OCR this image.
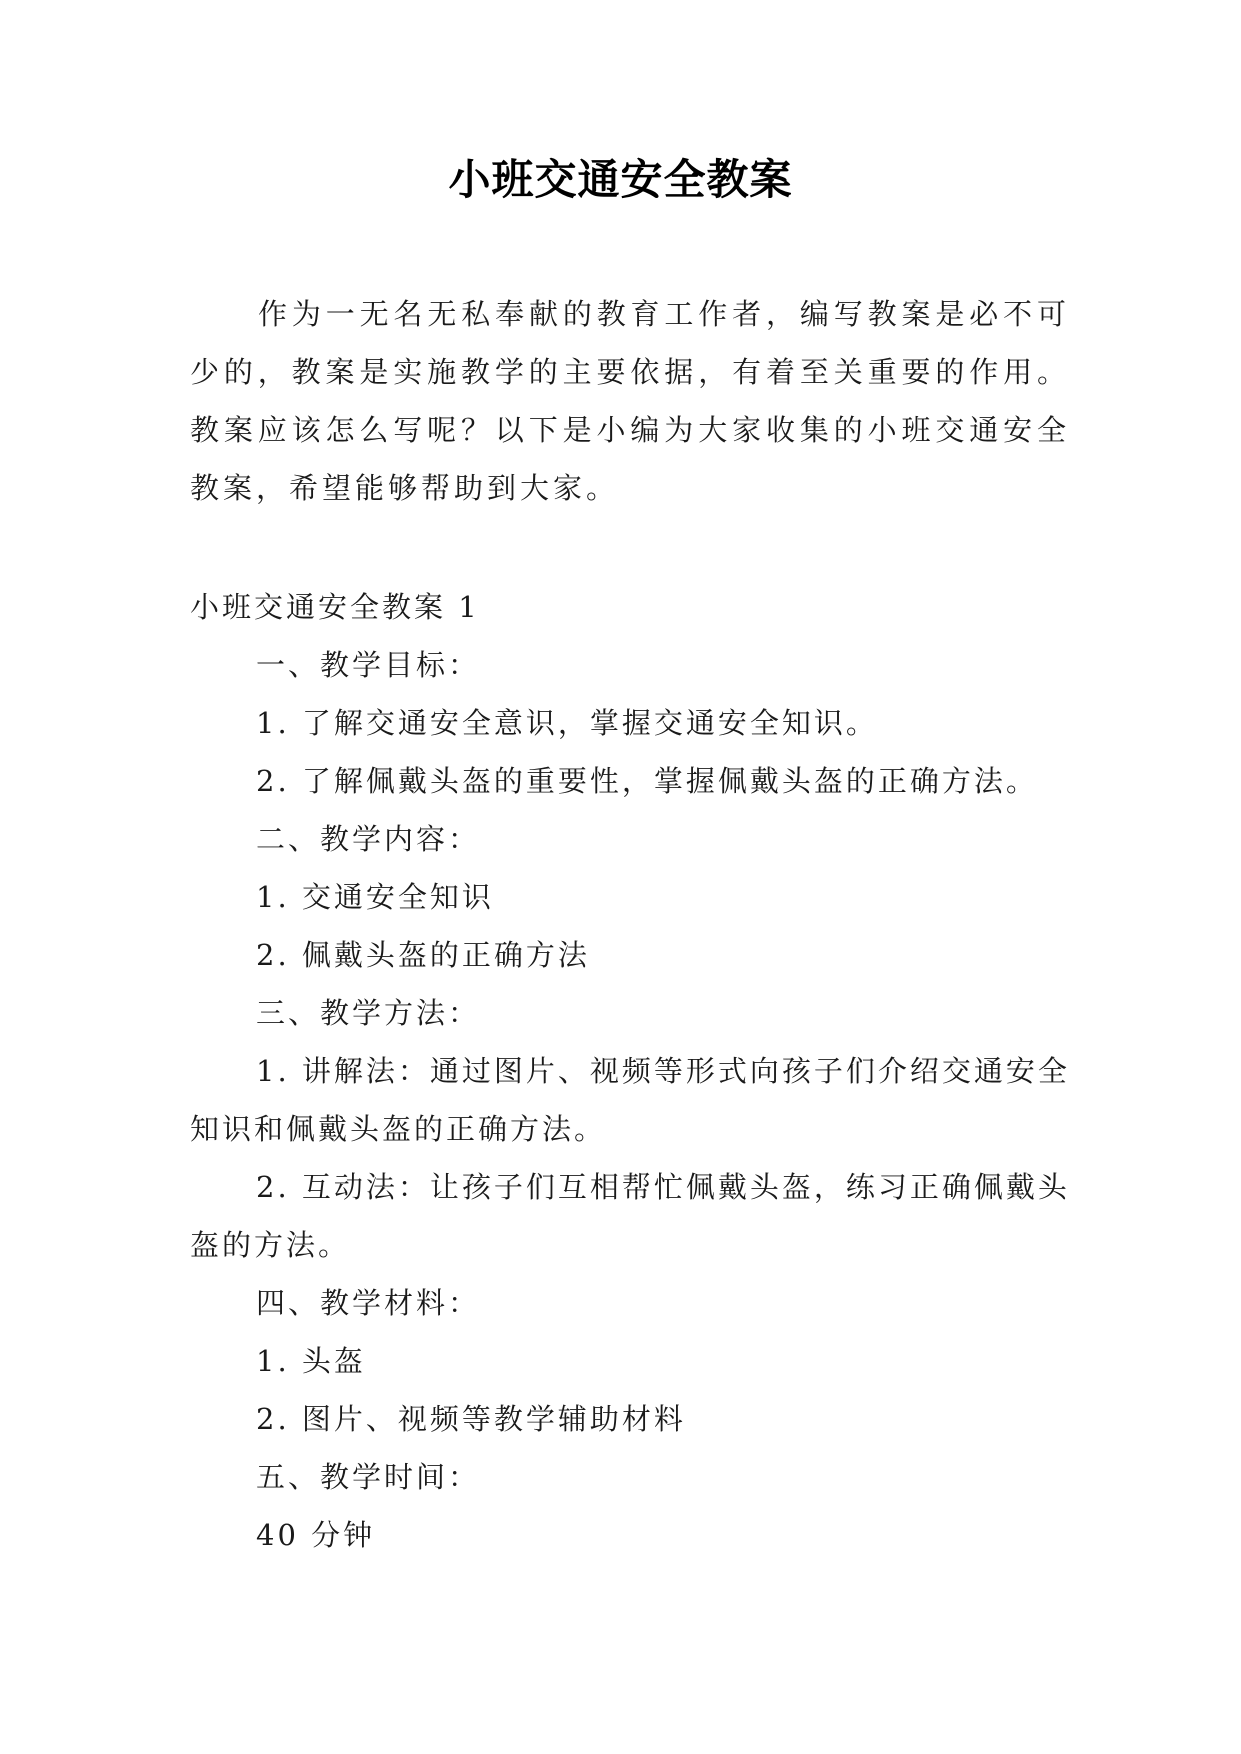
小班交通安全教案
作为一无名无私奉献的教育工作者，编写教案是必不可少的，教案是实施教学的主要依据，有着至关重要的作用。教案应该怎么写呢？以下是小编为大家收集的小班交通安全教案，希望能够帮助到大家。
小班交通安全教案 1
一、教学目标：
1. 了解交通安全意识，掌握交通安全知识。
2. 了解佩戴头盔的重要性，掌握佩戴头盔的正确方法。
二、教学内容：
1. 交通安全知识
2. 佩戴头盔的正确方法
三、教学方法：
1. 讲解法：通过图片、视频等形式向孩子们介绍交通安全知识和佩戴头盔的正确方法。
2. 互动法：让孩子们互相帮忙佩戴头盔，练习正确佩戴头盔的方法。
四、教学材料：
1. 头盔
2. 图片、视频等教学辅助材料
五、教学时间：
40 分钟
